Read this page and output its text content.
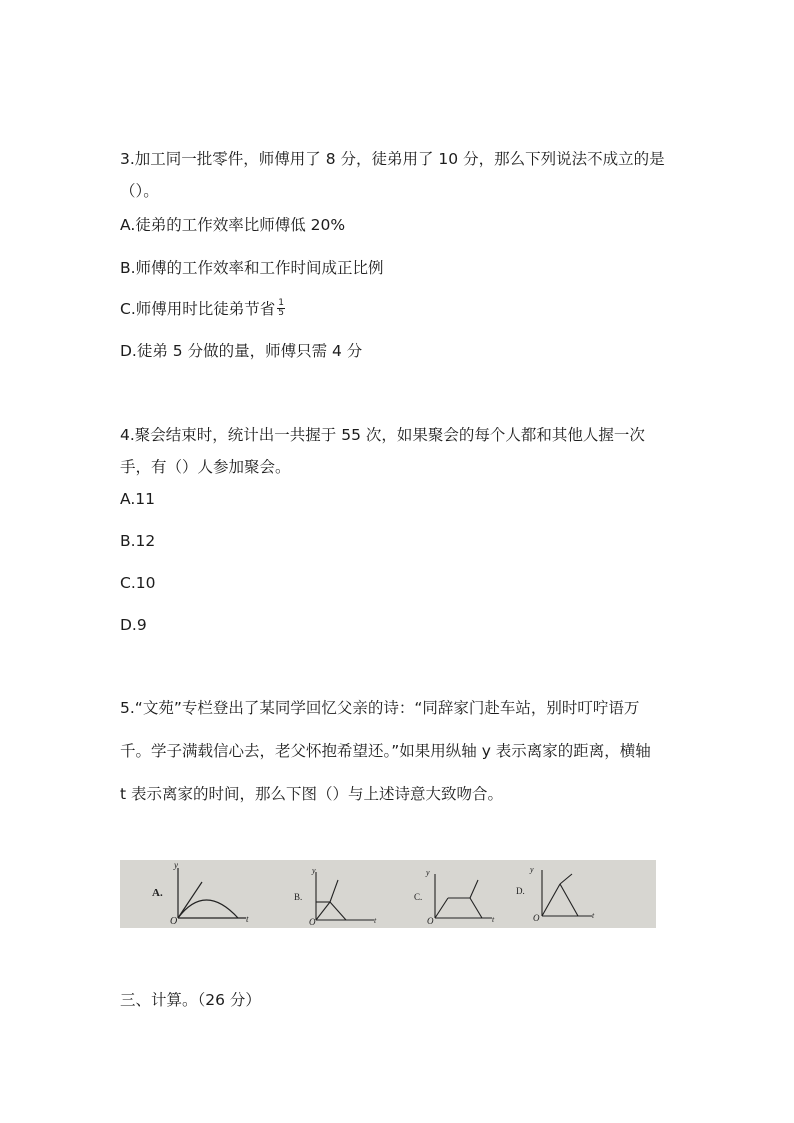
3.加工同一批零件，师傅用了 8 分，徒弟用了 10 分，那么下列说法不成立的是
（）。
A.徒弟的工作效率比师傅低 20%
B.师傅的工作效率和工作时间成正比例
C.师傅用时比徒弟节省 $\frac{1}{5}$
D.徒弟 5 分做的量，师傅只需 4 分
4.聚会结束时，统计出一共握于 55 次，如果聚会的每个人都和其他人握一次
手，有（）人参加聚会。
A.11
B.12
C.10
D.9
5.“文苑”专栏登出了某同学回忆父亲的诗：“同辞家门赴车站，别时叮咛语万
千。学子满载信心去，老父怀抱希望还。”如果用纵轴 y 表示离家的距离，横轴
t 表示离家的时间，那么下图（）与上述诗意大致吻合。
A.
y
O	t
B.
y
O	t
C.
y
O	t
D.
y
O	t
三、计算。（26 分）
